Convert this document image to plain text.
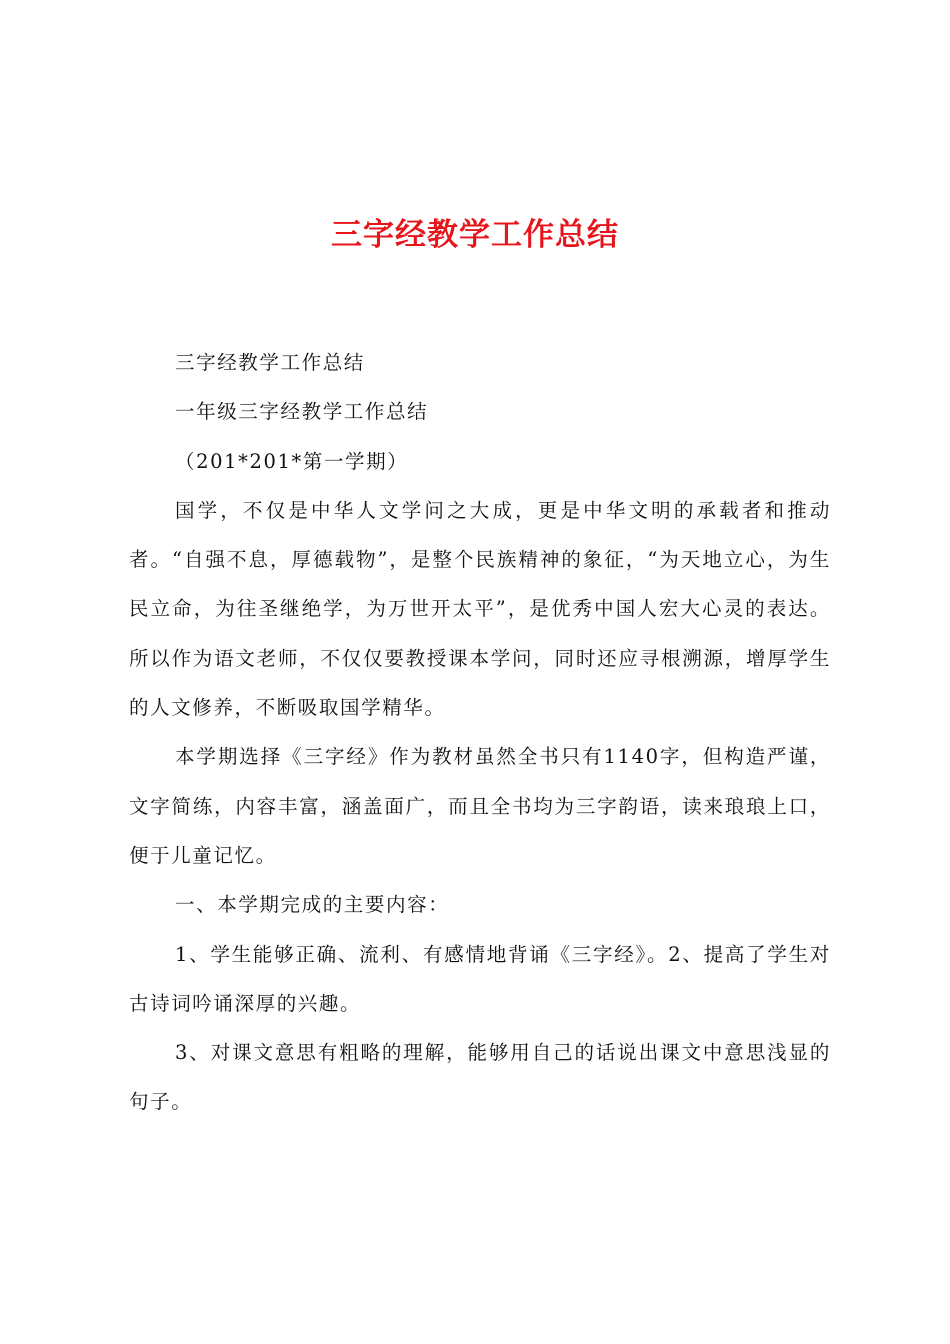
三字经教学工作总结

三字经教学工作总结

一年级三字经教学工作总结

（201*201*第一学期）

国学，不仅是中华人文学问之大成，更是中华文明的承载者和推动者。“自强不息，厚德载物”，是整个民族精神的象征，“为天地立心，为生民立命，为往圣继绝学，为万世开太平”，是优秀中国人宏大心灵的表达。所以作为语文老师，不仅仅要教授课本学问，同时还应寻根溯源，增厚学生的人文修养，不断吸取国学精华。

本学期选择《三字经》作为教材虽然全书只有1140字，但构造严谨，文字简练，内容丰富，涵盖面广，而且全书均为三字韵语，读来琅琅上口，便于儿童记忆。

一、本学期完成的主要内容：

1、学生能够正确、流利、有感情地背诵《三字经》。2、提高了学生对古诗词吟诵深厚的兴趣。

3、对课文意思有粗略的理解，能够用自己的话说出课文中意思浅显的句子。
